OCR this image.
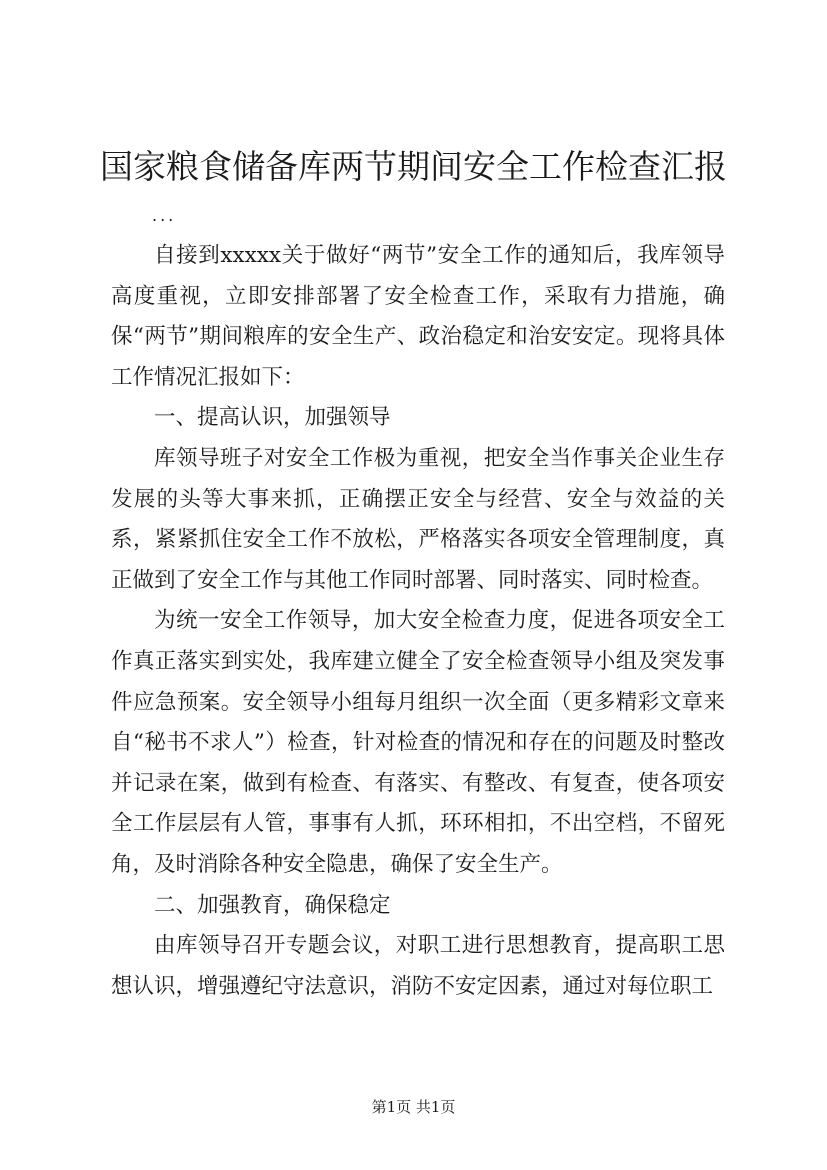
国家粮食储备库两节期间安全工作检查汇报

...

自接到xxxxx关于做好“两节”安全工作的通知后，我库领导高度重视，立即安排部署了安全检查工作，采取有力措施，确保“两节”期间粮库的安全生产、政治稳定和治安安定。现将具体工作情况汇报如下：

一、提高认识，加强领导

库领导班子对安全工作极为重视，把安全当作事关企业生存发展的头等大事来抓，正确摆正安全与经营、安全与效益的关系，紧紧抓住安全工作不放松，严格落实各项安全管理制度，真正做到了安全工作与其他工作同时部署、同时落实、同时检查。

为统一安全工作领导，加大安全检查力度，促进各项安全工作真正落实到实处，我库建立健全了安全检查领导小组及突发事件应急预案。安全领导小组每月组织一次全面（更多精彩文章来自“秘书不求人”）检查，针对检查的情况和存在的问题及时整改并记录在案，做到有检查、有落实、有整改、有复查，使各项安全工作层层有人管，事事有人抓，环环相扣，不出空档，不留死角，及时消除各种安全隐患，确保了安全生产。

二、加强教育，确保稳定

由库领导召开专题会议，对职工进行思想教育，提高职工思想认识，增强遵纪守法意识，消防不安定因素，通过对每位职工

第1页 共1页
